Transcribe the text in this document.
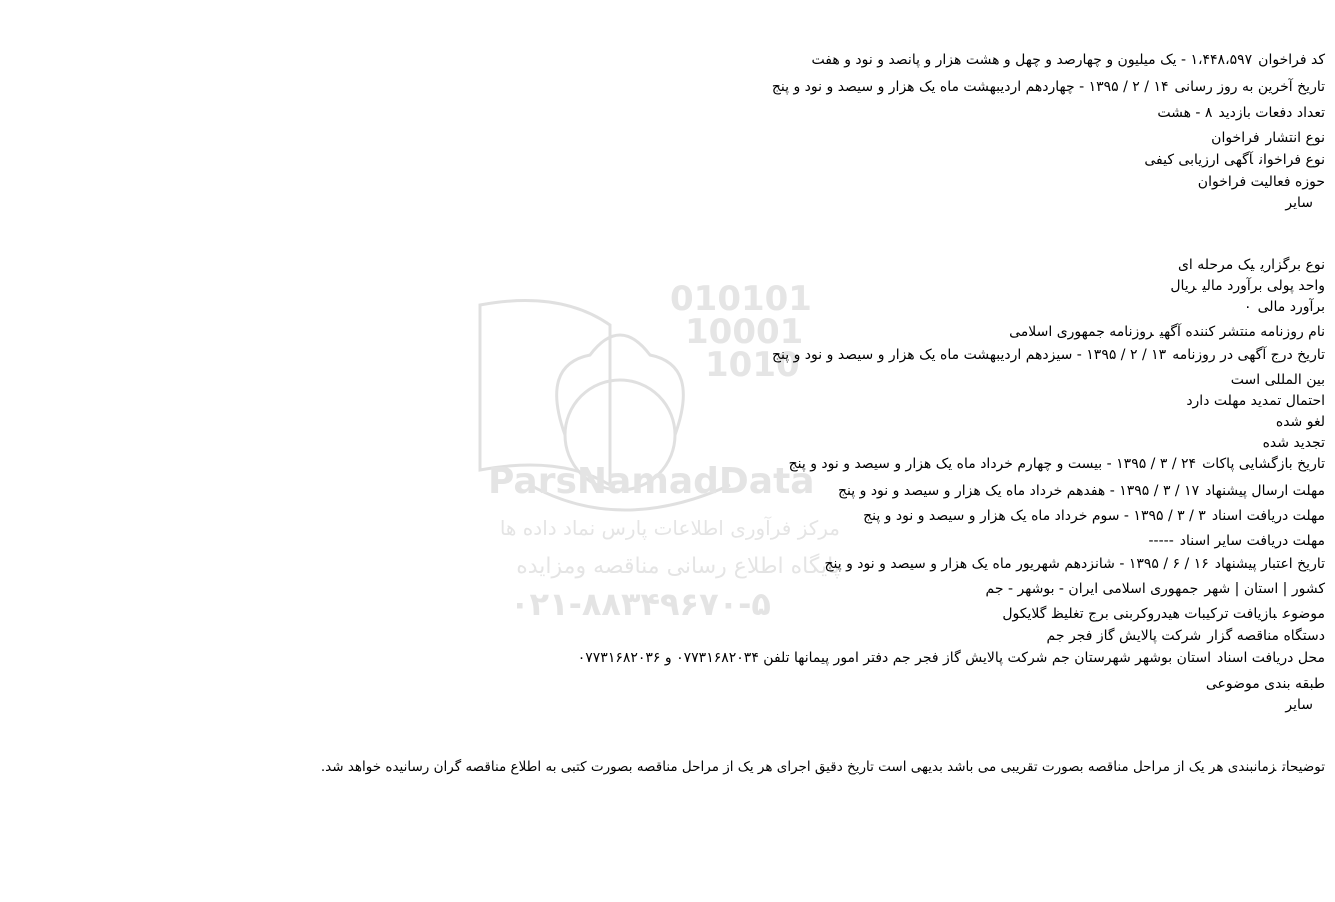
010101
10001
1010
ParsNamadData
مرکز فرآوری اطلاعات پارس نماد داده ها
پایگاه اطلاع رسانی مناقصه ومزایده
۰۲۱-۸۸۳۴۹۶۷۰-۵
کد فراخوان۱،۴۴۸،۵۹۷ - یک میلیون و چهارصد و چهل و هشت هزار و پانصد و نود و هفت
تاریخ آخرین به روز رسانی۱۴ / ۲ / ۱۳۹۵ - چهاردهم اردیبهشت ماه یک هزار و سیصد و نود و پنج
تعداد دفعات بازدید۸ - هشت
نوع انتشارفراخوان
نوع فراخوانآگهی ارزیابی کیفی
حوزه فعالیت فراخوان
سایر
نوع برگزارییک مرحله ای
واحد پولی برآورد مالیریال
برآورد مالی۰
نام روزنامه منتشر کننده آگهیروزنامه جمهوری اسلامی
تاریخ درج آگهی در روزنامه۱۳ / ۲ / ۱۳۹۵ - سیزدهم اردیبهشت ماه یک هزار و سیصد و نود و پنج
بین المللی است
احتمال تمدید مهلت دارد
لغو شده
تجدید شده
تاریخ بازگشایی پاکات۲۴ / ۳ / ۱۳۹۵ - بیست و چهارم خرداد ماه یک هزار و سیصد و نود و پنج
مهلت ارسال پیشنهاد۱۷ / ۳ / ۱۳۹۵ - هفدهم خرداد ماه یک هزار و سیصد و نود و پنج
مهلت دریافت اسناد۳ / ۳ / ۱۳۹۵ - سوم خرداد ماه یک هزار و سیصد و نود و پنج
مهلت دریافت سایر اسناد-----
تاریخ اعتبار پیشنهاد۱۶ / ۶ / ۱۳۹۵ - شانزدهم شهریور ماه یک هزار و سیصد و نود و پنج
کشور | استان | شهرجمهوری اسلامی ایران - بوشهر - جم
موضوعبازیافت ترکیبات هیدروکربنی برج تغلیظ گلایکول
دستگاه مناقصه گزارشرکت پالایش گاز فجر جم
محل دریافت اسناداستان بوشهر شهرستان جم شرکت پالایش گاز فجر جم دفتر امور پیمانها تلفن ۰۷۷۳۱۶۸۲۰۳۴ و ۰۷۷۳۱۶۸۲۰۳۶
طبقه بندی موضوعی
سایر
توضیحاتزمانبندی هر یک از مراحل مناقصه بصورت تقریبی می باشد بدیهی است تاریخ دقیق اجرای هر یک از مراحل مناقصه بصورت کتبی به اطلاع مناقصه گران رسانیده خواهد شد.
